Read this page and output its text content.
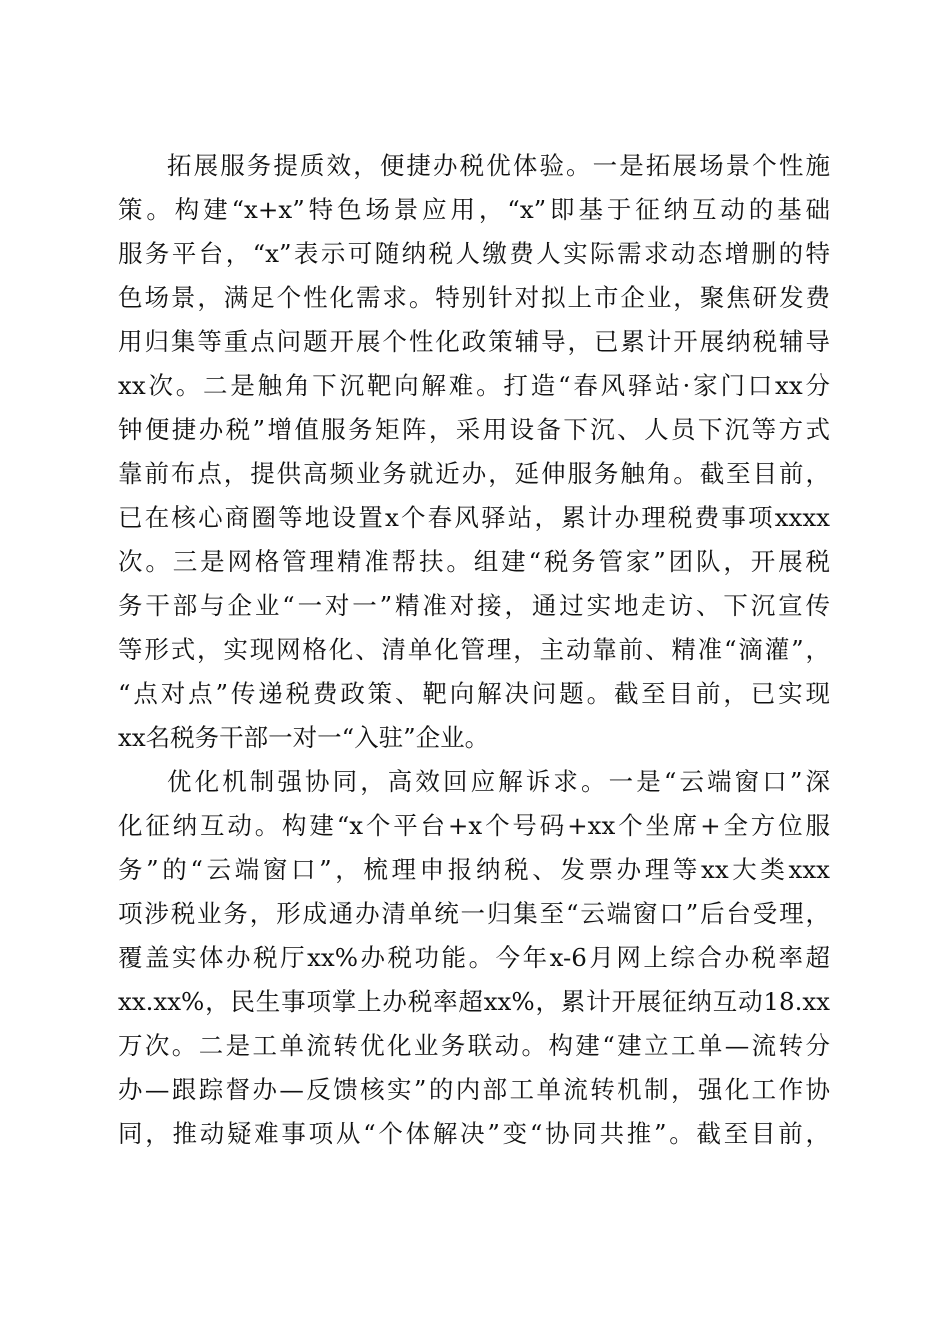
拓展服务提质效，便捷办税优体验。一是拓展场景个性施
策。构建“x+x”特色场景应用，“x”即基于征纳互动的基础
服务平台，“x”表示可随纳税人缴费人实际需求动态增删的特
色场景，满足个性化需求。特别针对拟上市企业，聚焦研发费
用归集等重点问题开展个性化政策辅导，已累计开展纳税辅导
xx次。二是触角下沉靶向解难。打造“春风驿站·家门口xx分
钟便捷办税”增值服务矩阵，采用设备下沉、人员下沉等方式
靠前布点，提供高频业务就近办，延伸服务触角。截至目前，
已在核心商圈等地设置x个春风驿站，累计办理税费事项xxxx
次。三是网格管理精准帮扶。组建“税务管家”团队，开展税
务干部与企业“一对一”精准对接，通过实地走访、下沉宣传
等形式，实现网格化、清单化管理，主动靠前、精准“滴灌”，
“点对点”传递税费政策、靶向解决问题。截至目前，已实现
xx名税务干部一对一“入驻”企业。
优化机制强协同，高效回应解诉求。一是“云端窗口”深
化征纳互动。构建“x个平台+x个号码+xx个坐席+全方位服
务”的“云端窗口”，梳理申报纳税、发票办理等xx大类xxx
项涉税业务，形成通办清单统一归集至“云端窗口”后台受理，
覆盖实体办税厅xx%办税功能。今年x-6月网上综合办税率超
xx.xx%，民生事项掌上办税率超xx%，累计开展征纳互动18.xx
万次。二是工单流转优化业务联动。构建“建立工单—流转分
办—跟踪督办—反馈核实”的内部工单流转机制，强化工作协
同，推动疑难事项从“个体解决”变“协同共推”。截至目前，
